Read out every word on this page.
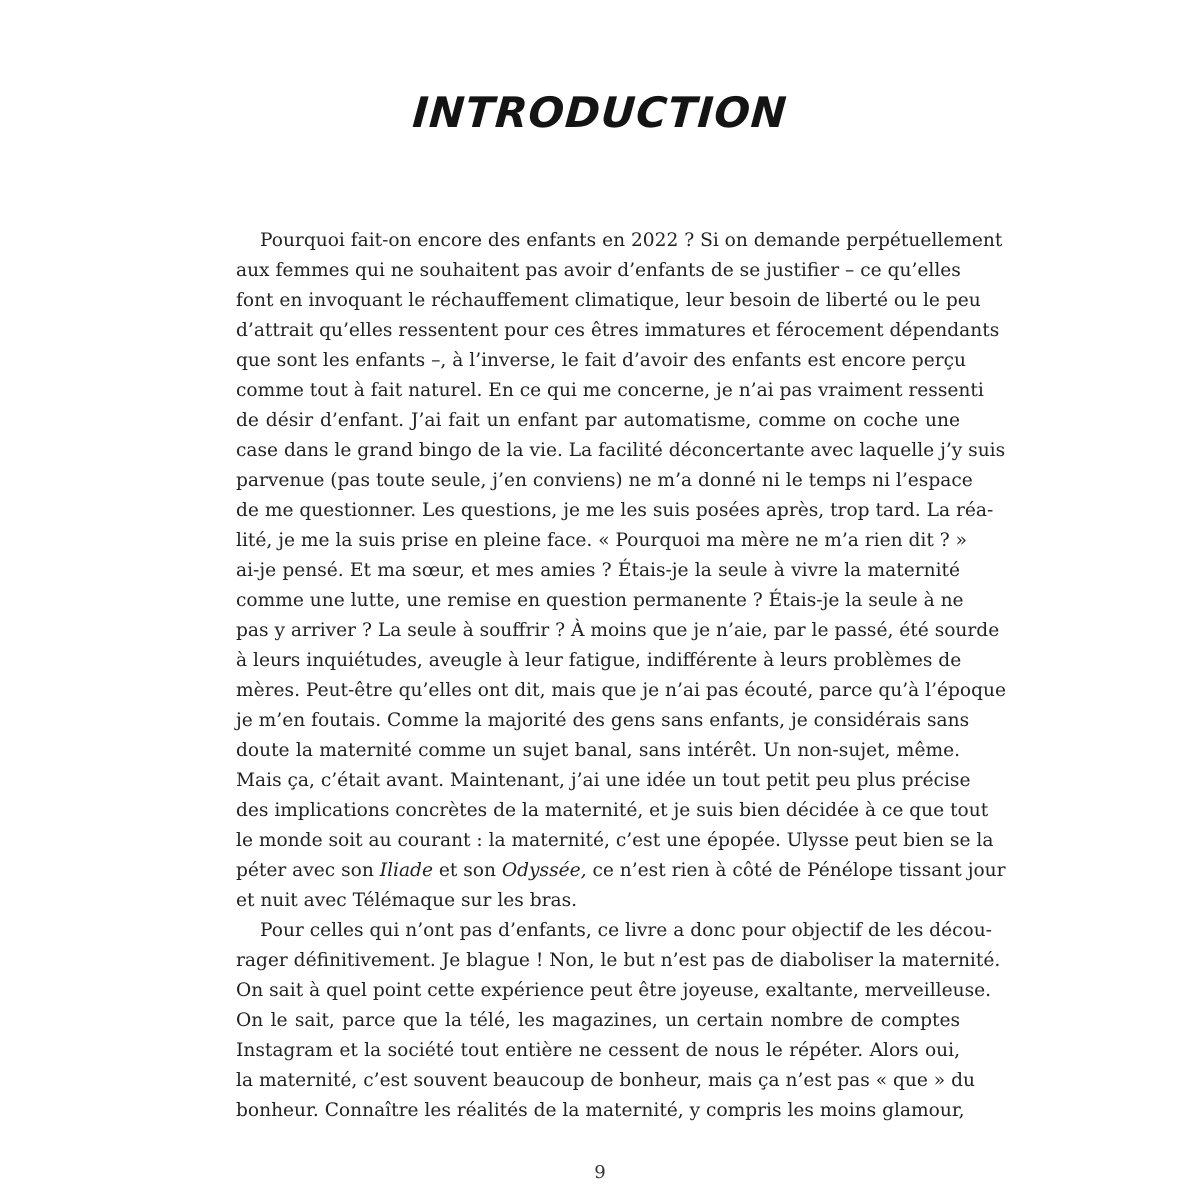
INTRODUCTION
Pourquoi fait-on encore des enfants en 2022 ? Si on demande perpétuellement
aux femmes qui ne souhaitent pas avoir d’enfants de se justifier – ce qu’elles
font en invoquant le réchauffement climatique, leur besoin de liberté ou le peu
d’attrait qu’elles ressentent pour ces êtres immatures et férocement dépendants
que sont les enfants –, à l’inverse, le fait d’avoir des enfants est encore perçu
comme tout à fait naturel. En ce qui me concerne, je n’ai pas vraiment ressenti
de désir d’enfant. J’ai fait un enfant par automatisme, comme on coche une
case dans le grand bingo de la vie. La facilité déconcertante avec laquelle j’y suis
parvenue (pas toute seule, j’en conviens) ne m’a donné ni le temps ni l’espace
de me questionner. Les questions, je me les suis posées après, trop tard. La réa-
lité, je me la suis prise en pleine face. « Pourquoi ma mère ne m’a rien dit ? »
ai-je pensé. Et ma sœur, et mes amies ? Étais-je la seule à vivre la maternité
comme une lutte, une remise en question permanente ? Étais-je la seule à ne
pas y arriver ? La seule à souffrir ? À moins que je n’aie, par le passé, été sourde
à leurs inquiétudes, aveugle à leur fatigue, indifférente à leurs problèmes de
mères. Peut-être qu’elles ont dit, mais que je n’ai pas écouté, parce qu’à l’époque
je m’en foutais. Comme la majorité des gens sans enfants, je considérais sans
doute la maternité comme un sujet banal, sans intérêt. Un non-sujet, même.
Mais ça, c’était avant. Maintenant, j’ai une idée un tout petit peu plus précise
des implications concrètes de la maternité, et je suis bien décidée à ce que tout
le monde soit au courant : la maternité, c’est une épopée. Ulysse peut bien se la
péter avec son Iliade et son Odyssée, ce n’est rien à côté de Pénélope tissant jour
et nuit avec Télémaque sur les bras.
Pour celles qui n’ont pas d’enfants, ce livre a donc pour objectif de les décou-
rager définitivement. Je blague ! Non, le but n’est pas de diaboliser la maternité.
On sait à quel point cette expérience peut être joyeuse, exaltante, merveilleuse.
On le sait, parce que la télé, les magazines, un certain nombre de comptes
Instagram et la société tout entière ne cessent de nous le répéter. Alors oui,
la maternité, c’est souvent beaucoup de bonheur, mais ça n’est pas « que » du
bonheur. Connaître les réalités de la maternité, y compris les moins glamour,
9
